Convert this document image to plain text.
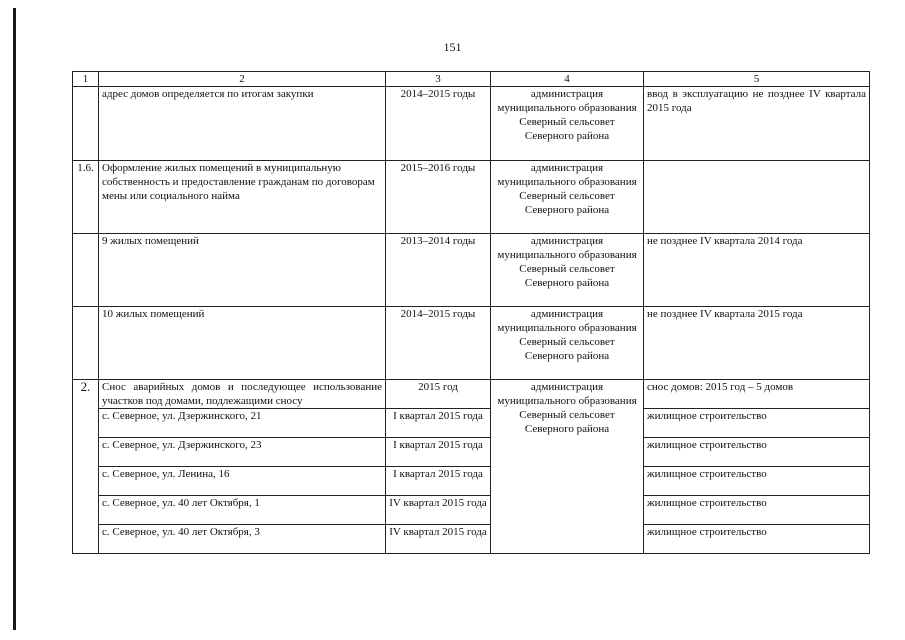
151
1	2	3	4	5
	адрес домов определяется по итогам закупки	2014–2015 годы	администрация муниципального образования Северный сельсовет Северного района	ввод в эксплуатацию не позднее IV квартала 2015 года
1.6.	Оформление жилых помещений в муниципальную собственность и предоставление гражданам по договорам мены или социального найма	2015–2016 годы	администрация муниципального образования Северный сельсовет Северного района	
	9 жилых помещений	2013–2014 годы	администрация муниципального образования Северный сельсовет Северного района	не позднее IV квартала 2014 года
	10 жилых помещений	2014–2015 годы	администрация муниципального образования Северный сельсовет Северного района	не позднее IV квартала 2015 года
2.	Снос аварийных домов и последующее использование участков под домами, подлежащими сносу	2015 год	администрация муниципального образования Северный сельсовет Северного района	снос домов: 2015 год – 5 домов
	с. Северное, ул. Дзержинского, 21	I квартал 2015 года		жилищное строительство
	с. Северное, ул. Дзержинского, 23	I квартал 2015 года		жилищное строительство
	с. Северное, ул. Ленина, 16	I квартал 2015 года		жилищное строительство
	с. Северное, ул. 40 лет Октября, 1	IV квартал 2015 года		жилищное строительство
	с. Северное, ул. 40 лет Октября, 3	IV квартал 2015 года		жилищное строительство
